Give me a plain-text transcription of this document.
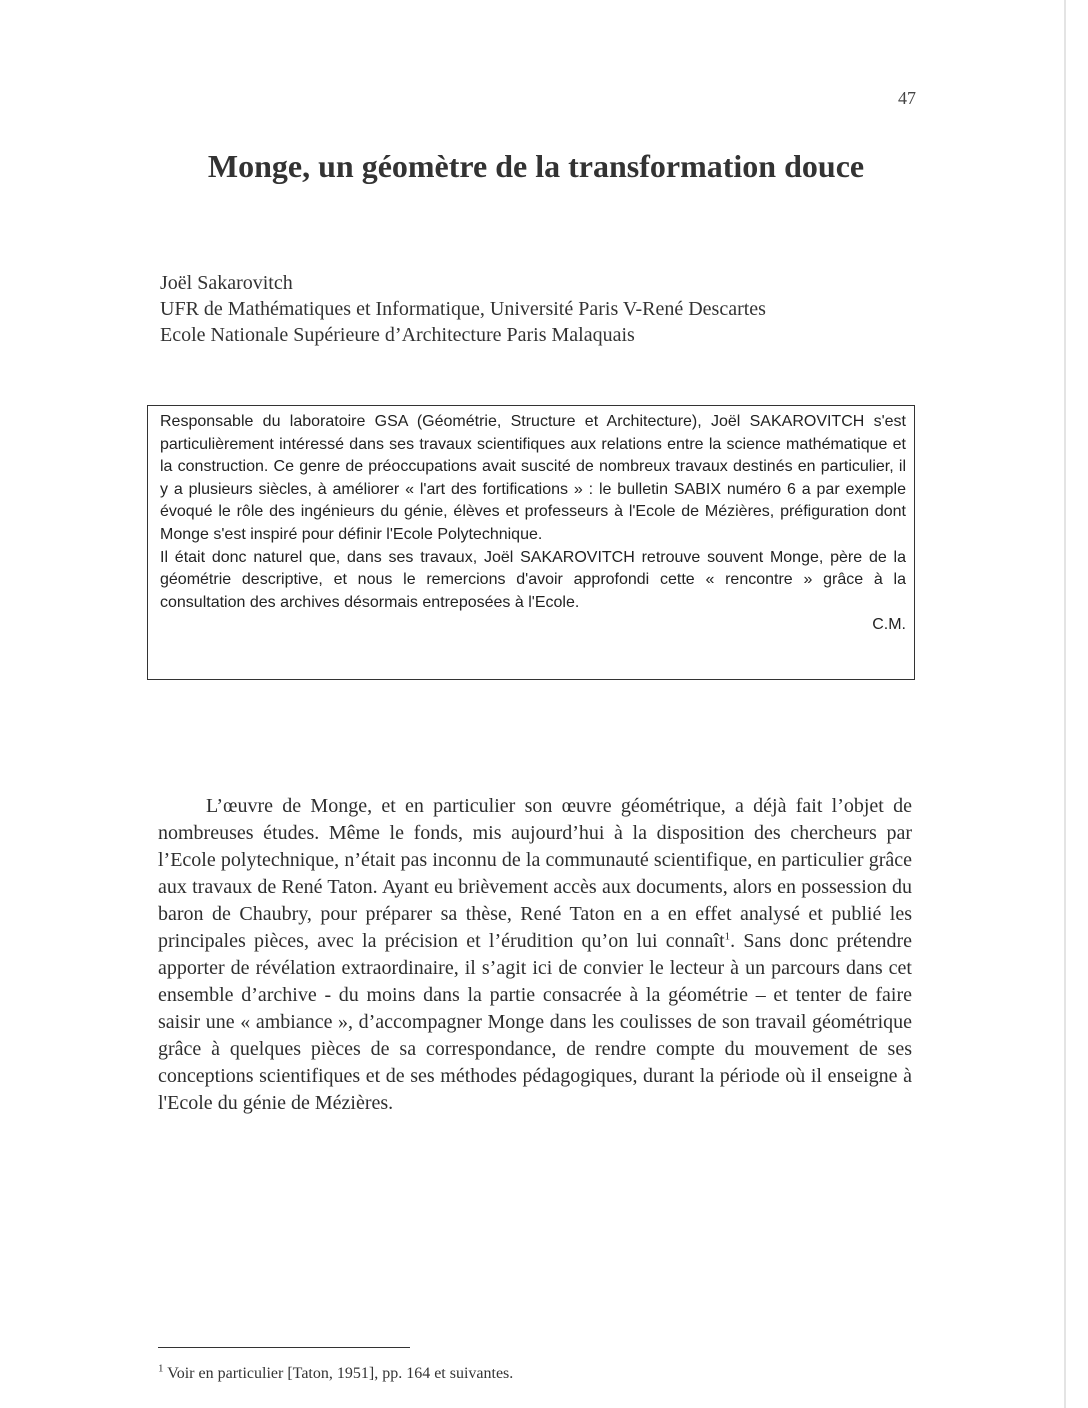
47
Monge, un géomètre de la transformation douce
Joël Sakarovitch
UFR de Mathématiques et Informatique, Université Paris V-René Descartes
Ecole Nationale Supérieure d’Architecture Paris Malaquais

Responsable du laboratoire GSA (Géométrie, Structure et Architecture), Joël SAKAROVITCH s'est particulièrement intéressé dans ses travaux scientifiques aux relations entre la science mathématique et la construction. Ce genre de préoccupations avait suscité de nombreux travaux destinés en particulier, il y a plusieurs siècles, à améliorer « l'art des fortifications » : le bulletin SABIX numéro 6 a par exemple évoqué le rôle des ingénieurs du génie, élèves et professeurs à l'Ecole de Mézières, préfiguration dont Monge s'est inspiré pour définir l'Ecole Polytechnique.

Il était donc naturel que, dans ses travaux, Joël SAKAROVITCH retrouve souvent Monge, père de la géométrie descriptive, et nous le remercions d'avoir approfondi cette « rencontre » grâce à la consultation des archives désormais entreposées à l'Ecole.

C.M.

L’œuvre de Monge, et en particulier son œuvre géométrique, a déjà fait l’objet de nombreuses études. Même le fonds, mis aujourd’hui à la disposition des chercheurs par l’Ecole polytechnique, n’était pas inconnu de la communauté scientifique, en particulier grâce aux travaux de René Taton. Ayant eu brièvement accès aux documents, alors en possession du baron de Chaubry, pour préparer sa thèse, René Taton en a en effet analysé et publié les principales pièces, avec la précision et l’érudition qu’on lui connaît$^1$. Sans donc prétendre apporter de révélation extraordinaire, il s’agit ici de convier le lecteur à un parcours dans cet ensemble d’archive - du moins dans la partie consacrée à la géométrie – et tenter de faire saisir une « ambiance », d’accompagner Monge dans les coulisses de son travail géométrique grâce à quelques pièces de sa correspondance, de rendre compte du mouvement de ses conceptions scientifiques et de ses méthodes pédagogiques, durant la période où il enseigne à l'Ecole du génie de Mézières.

$^1$ Voir en particulier [Taton, 1951], pp. 164 et suivantes.
